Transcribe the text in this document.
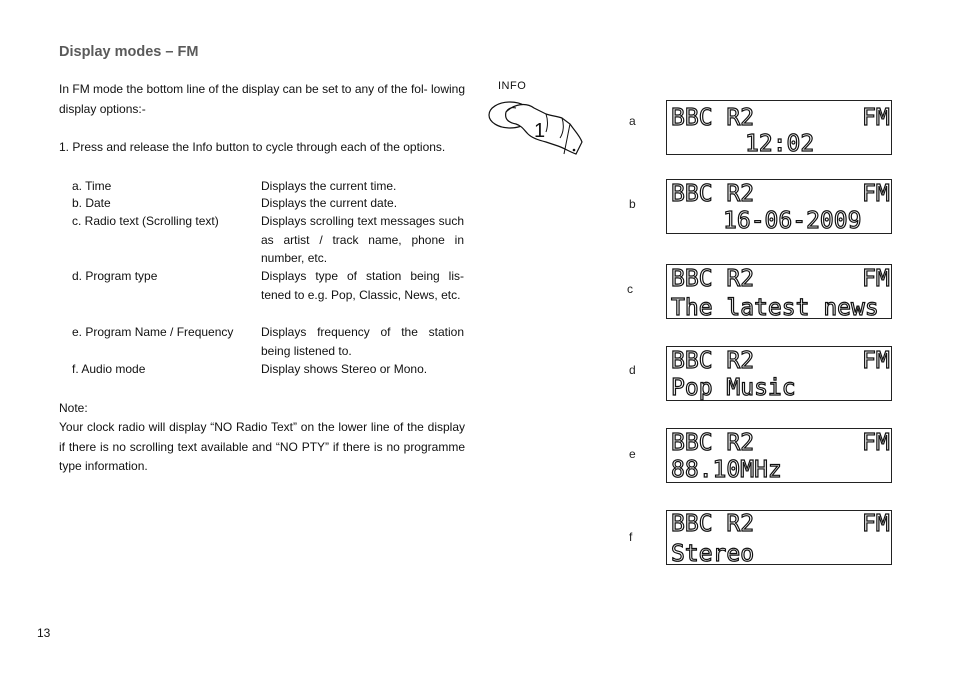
Display modes – FM
In FM mode the bottom line of the display can be set to any of the fol- lowing display options:-
1. Press and release the Info button to cycle through each of the options.
a. Time	Displays the current time.
b. Date	Displays the current date.
c. Radio text (Scrolling text)	Displays scrolling text messages such as artist / track name, phone in number, etc.
d. Program type	Displays type of station being lis- tened to e.g. Pop, Classic, News, etc.
e. Program Name / Frequency	Displays frequency of the station being listened to.
f. Audio mode	Display shows Stereo or Mono.
Note:
Your clock radio will display “NO Radio Text” on the lower line of the display if there is no scrolling text available and “NO PTY” if there is no programme type information.
INFO
1	a BBC R2	FM
12:02
b BBC R2	FM
16-06-2009
c BBC R2	FM
The latest news
d BBC R2	FM
Pop Music
e BBC R2	FM
88.10MHz
f BBC R2	FM
Stereo
13
